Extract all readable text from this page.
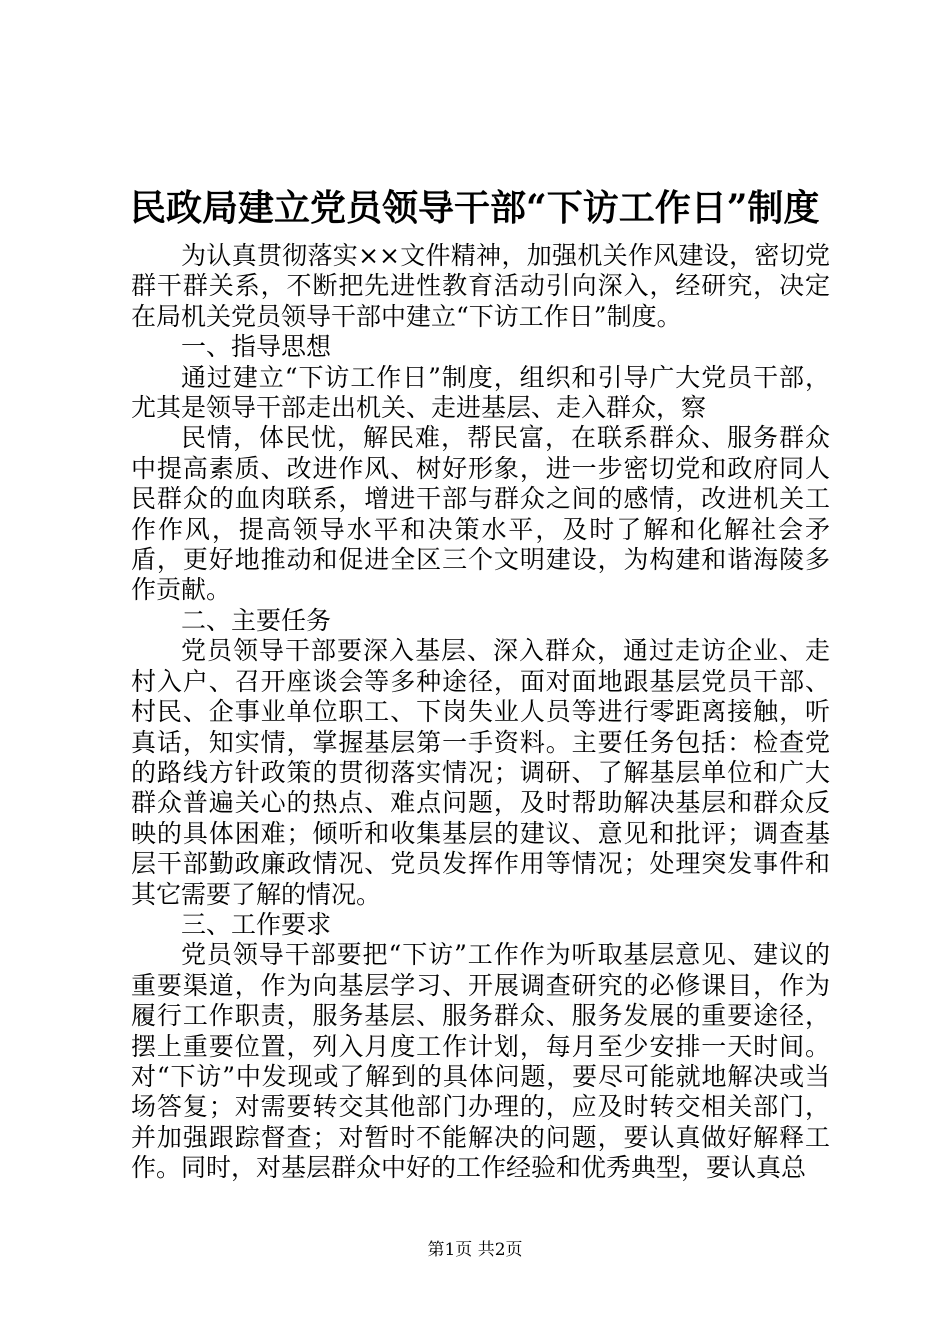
民政局建立党员领导干部“下访工作日”制度

为认真贯彻落实××文件精神，加强机关作风建设，密切党群干群关系，不断把先进性教育活动引向深入，经研究，决定在局机关党员领导干部中建立“下访工作日”制度。

一、指导思想

通过建立“下访工作日”制度，组织和引导广大党员干部，尤其是领导干部走出机关、走进基层、走入群众，察

民情，体民忧，解民难，帮民富，在联系群众、服务群众中提高素质、改进作风、树好形象，进一步密切党和政府同人民群众的血肉联系，增进干部与群众之间的感情，改进机关工作作风，提高领导水平和决策水平，及时了解和化解社会矛盾，更好地推动和促进全区三个文明建设，为构建和谐海陵多作贡献。

二、主要任务

党员领导干部要深入基层、深入群众，通过走访企业、走村入户、召开座谈会等多种途径，面对面地跟基层党员干部、村民、企事业单位职工、下岗失业人员等进行零距离接触，听真话，知实情，掌握基层第一手资料。主要任务包括：检查党的路线方针政策的贯彻落实情况；调研、了解基层单位和广大群众普遍关心的热点、难点问题，及时帮助解决基层和群众反映的具体困难；倾听和收集基层的建议、意见和批评；调查基层干部勤政廉政情况、党员发挥作用等情况；处理突发事件和其它需要了解的情况。

三、工作要求

党员领导干部要把“下访”工作作为听取基层意见、建议的重要渠道，作为向基层学习、开展调查研究的必修课目，作为履行工作职责，服务基层、服务群众、服务发展的重要途径，摆上重要位置，列入月度工作计划，每月至少安排一天时间。对“下访”中发现或了解到的具体问题，要尽可能就地解决或当场答复；对需要转交其他部门办理的，应及时转交相关部门，并加强跟踪督查；对暂时不能解决的问题，要认真做好解释工作。同时，对基层群众中好的工作经验和优秀典型，要认真总

第1页 共2页
